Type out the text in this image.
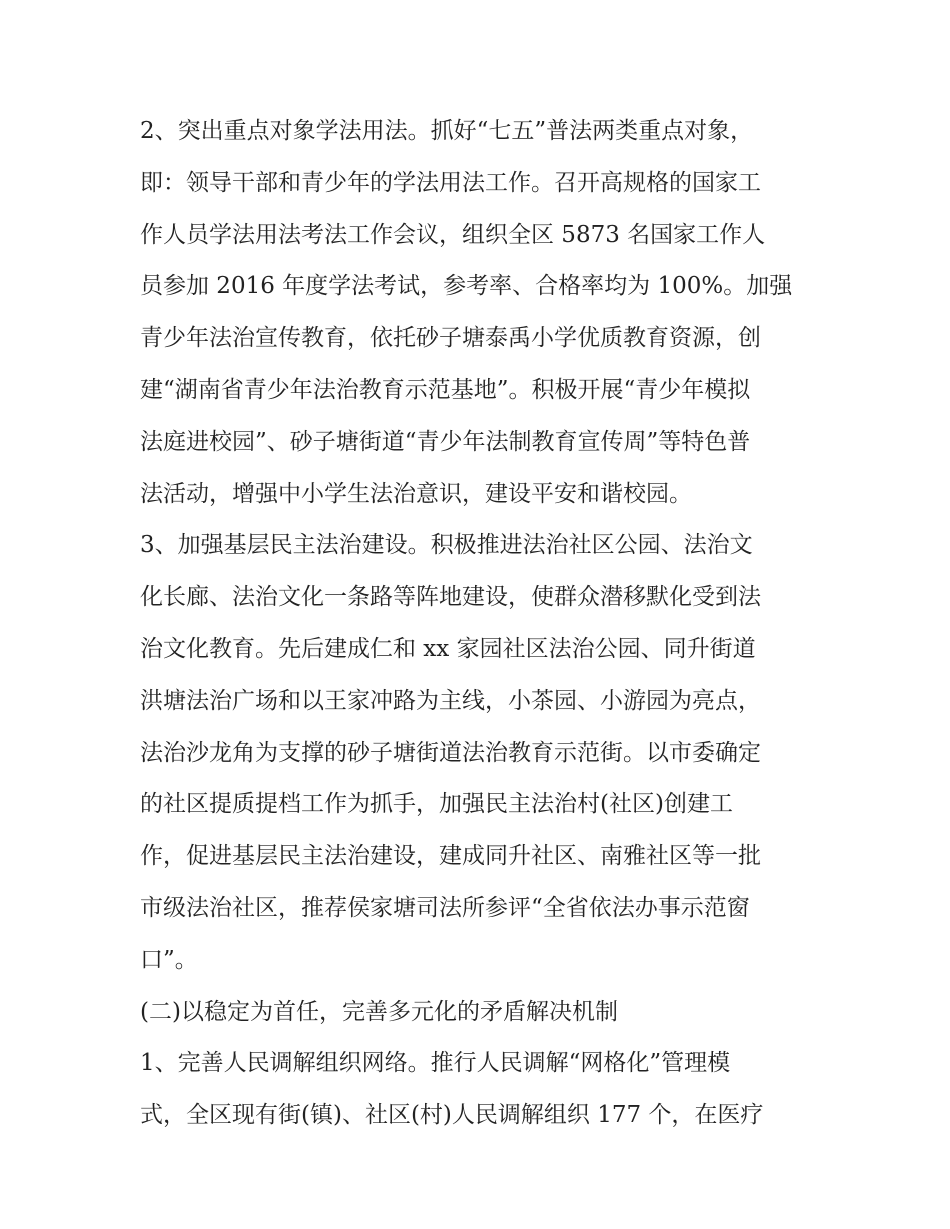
2、突出重点对象学法用法。抓好“七五”普法两类重点对象，
即：领导干部和青少年的学法用法工作。召开高规格的国家工
作人员学法用法考法工作会议，组织全区 5873 名国家工作人
员参加 2016 年度学法考试，参考率、合格率均为 100%。加强
青少年法治宣传教育，依托砂子塘泰禹小学优质教育资源，创
建“湖南省青少年法治教育示范基地”。积极开展“青少年模拟
法庭进校园”、砂子塘街道“青少年法制教育宣传周”等特色普
法活动，增强中小学生法治意识，建设平安和谐校园。
3、加强基层民主法治建设。积极推进法治社区公园、法治文
化长廊、法治文化一条路等阵地建设，使群众潜移默化受到法
治文化教育。先后建成仁和 xx 家园社区法治公园、同升街道
洪塘法治广场和以王家冲路为主线，小茶园、小游园为亮点，
法治沙龙角为支撑的砂子塘街道法治教育示范街。以市委确定
的社区提质提档工作为抓手，加强民主法治村(社区)创建工
作，促进基层民主法治建设，建成同升社区、南雅社区等一批
市级法治社区，推荐侯家塘司法所参评“全省依法办事示范窗
口”。
(二)以稳定为首任，完善多元化的矛盾解决机制
1、完善人民调解组织网络。推行人民调解“网格化”管理模
式，全区现有街(镇)、社区(村)人民调解组织 177 个，在医疗
